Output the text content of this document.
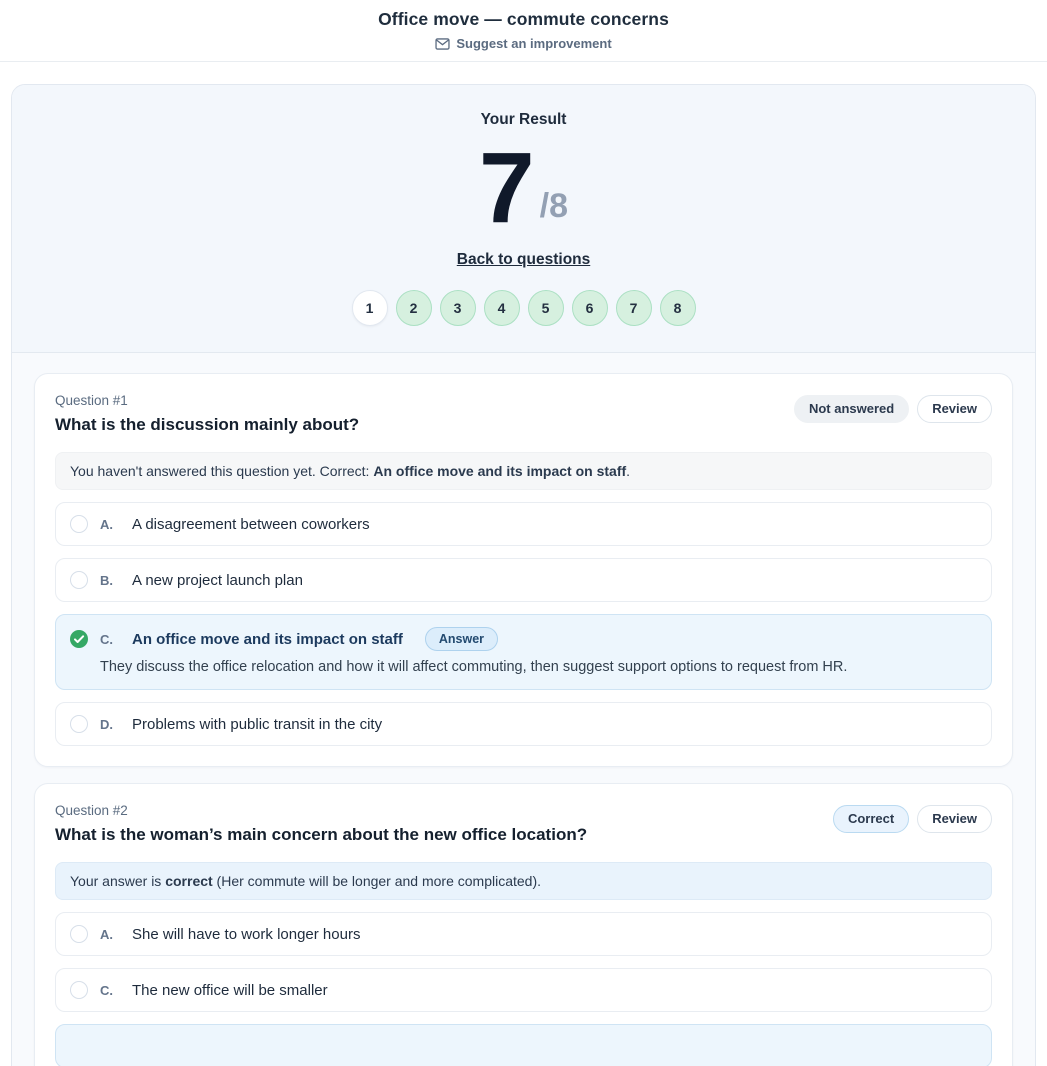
Office move — commute concerns
Suggest an improvement
Your Result
7 /8
Back to questions
1	2	3	4	5	6	7	8
Question #1
What is the discussion mainly about?
Not answered	Review
You haven't answered this question yet. Correct: An office move and its impact on staff.
A.	A disagreement between coworkers
B.	A new project launch plan
C.	An office move and its impact on staff	Answer
They discuss the office relocation and how it will affect commuting, then suggest support options to request from HR.
D.	Problems with public transit in the city
Question #2
What is the woman’s main concern about the new office location?
Correct	Review
Your answer is correct (Her commute will be longer and more complicated).
A.	She will have to work longer hours
C.	The new office will be smaller
